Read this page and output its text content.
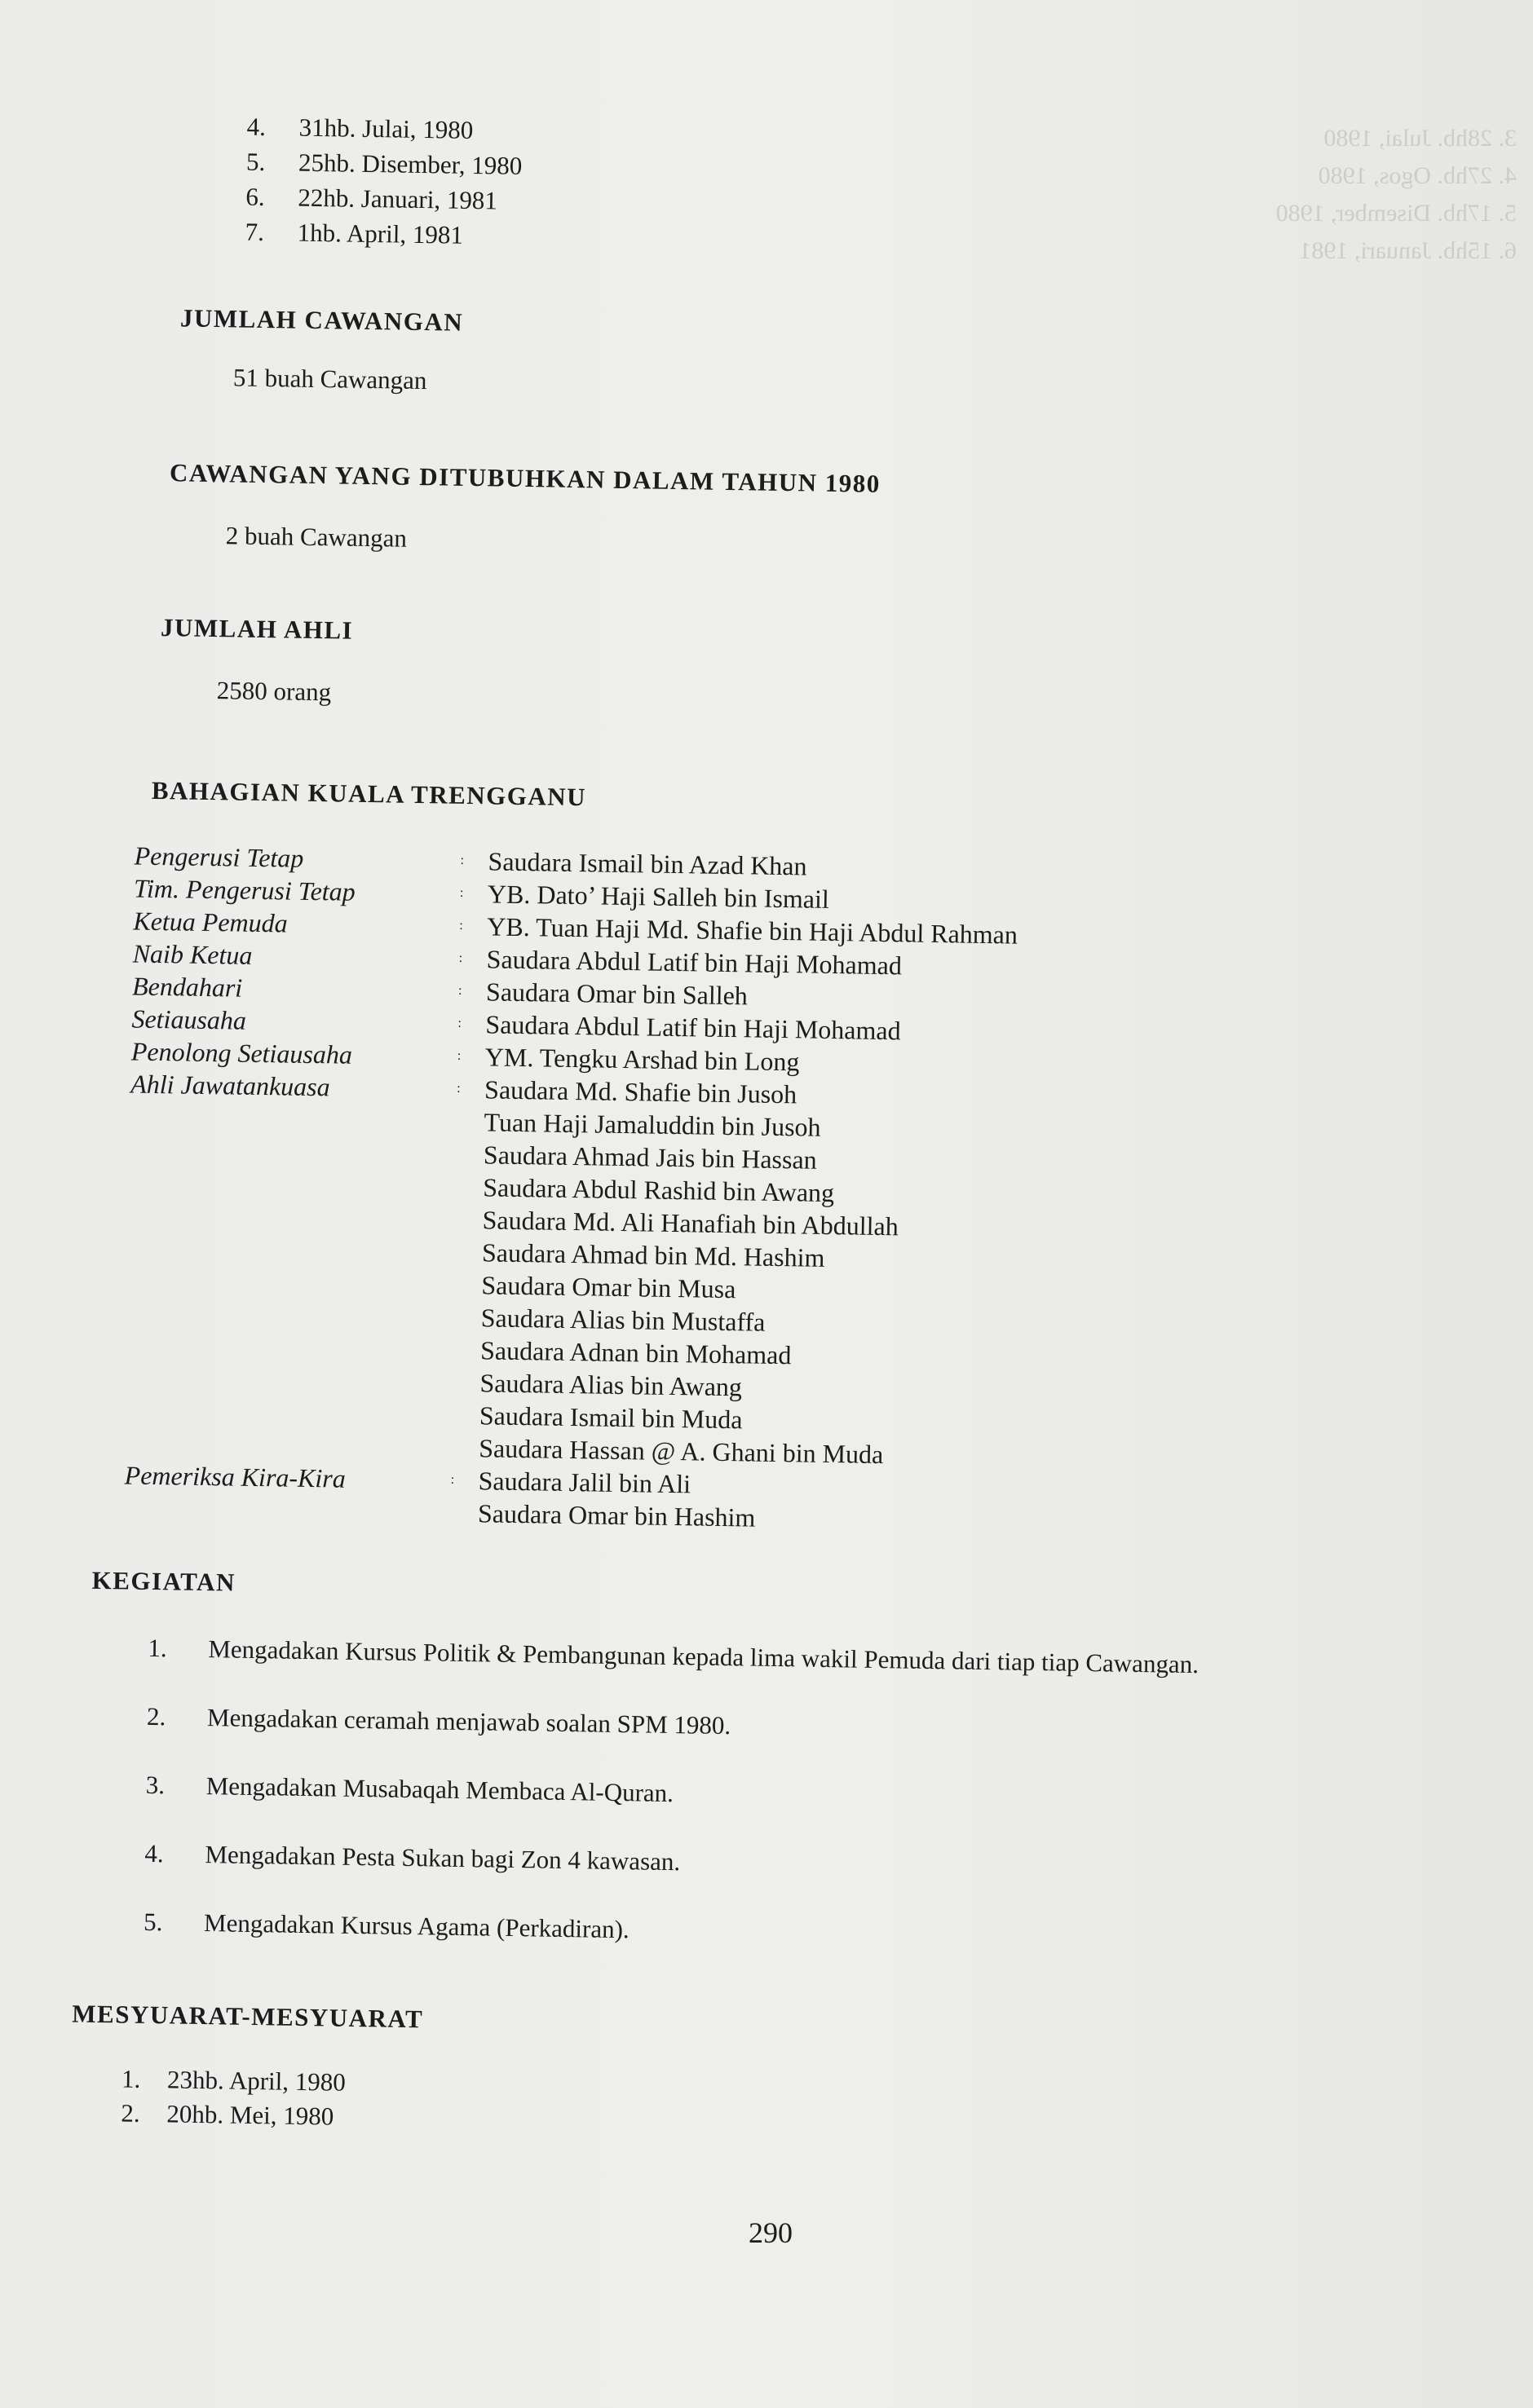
3. 28hb. Julai, 1980
4. 27hb. Ogos, 1980
5. 17hb. Disember, 1980
6. 15hb. Januari, 1981
4.	31hb. Julai, 1980
5.	25hb. Disember, 1980
6.	22hb. Januari, 1981
7.	1hb. April, 1981
JUMLAH CAWANGAN
51 buah Cawangan
CAWANGAN YANG DITUBUHKAN DALAM TAHUN 1980
2 buah Cawangan
JUMLAH AHLI
2580 orang
BAHAGIAN KUALA TRENGGANU
Pengerusi Tetap	: Saudara Ismail bin Azad Khan
Tim. Pengerusi Tetap	: YB. Dato’ Haji Salleh bin Ismail
Ketua Pemuda	: YB. Tuan Haji Md. Shafie bin Haji Abdul Rahman
Naib Ketua	: Saudara Abdul Latif bin Haji Mohamad
Bendahari	: Saudara Omar bin Salleh
Setiausaha	: Saudara Abdul Latif bin Haji Mohamad
Penolong Setiausaha	: YM. Tengku Arshad bin Long
Ahli Jawatankuasa	: Saudara Md. Shafie bin Jusoh
Tuan Haji Jamaluddin bin Jusoh
Saudara Ahmad Jais bin Hassan
Saudara Abdul Rashid bin Awang
Saudara Md. Ali Hanafiah bin Abdullah
Saudara Ahmad bin Md. Hashim
Saudara Omar bin Musa
Saudara Alias bin Mustaffa
Saudara Adnan bin Mohamad
Saudara Alias bin Awang
Saudara Ismail bin Muda
Saudara Hassan @ A. Ghani bin Muda
Pemeriksa Kira-Kira	: Saudara Jalil bin Ali
Saudara Omar bin Hashim
KEGIATAN
1.	Mengadakan Kursus Politik & Pembangunan kepada lima wakil Pemuda dari tiap tiap Cawangan.
2.	Mengadakan ceramah menjawab soalan SPM 1980.
3.	Mengadakan Musabaqah Membaca Al-Quran.
4.	Mengadakan Pesta Sukan bagi Zon 4 kawasan.
5.	Mengadakan Kursus Agama (Perkadiran).
MESYUARAT-MESYUARAT
1.	23hb. April, 1980
2.	20hb. Mei, 1980
290
